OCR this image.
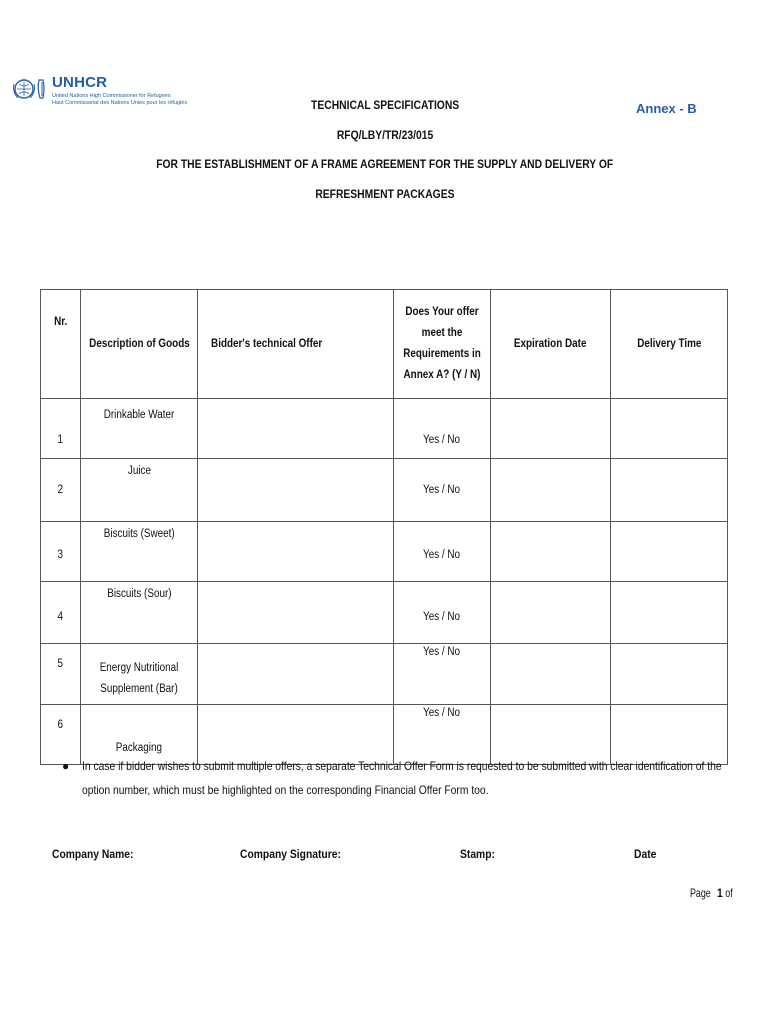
UNHCR
United Nations High Commissioner for Refugees
Haut Commissariat des Nations Unies pour les réfugiés	Annex - B
TECHNICAL SPECIFICATIONS
RFQ/LBY/TR/23/015
FOR THE ESTABLISHMENT OF A FRAME AGREEMENT FOR THE SUPPLY AND DELIVERY OF
REFRESHMENT PACKAGES
Nr.	Description of Goods	Bidder's technical Offer	Does Your offer meet the Requirements in Annex A? (Y / N)	Expiration Date	Delivery Time
1	Drinkable Water		Yes / No		
2	Juice		Yes / No		
3	Biscuits (Sweet)		Yes / No		
4	Biscuits (Sour)		Yes / No		
5	Energy Nutritional
Supplement (Bar)		Yes / No		
6	Packaging		Yes / No		
● In case if bidder wishes to submit multiple offers, a separate Technical Offer Form is requested to be submitted with clear identification of the
option number, which must be highlighted on the corresponding Financial Offer Form too.
Company Name:	Company Signature:	Stamp:	Date
Page 1 of
